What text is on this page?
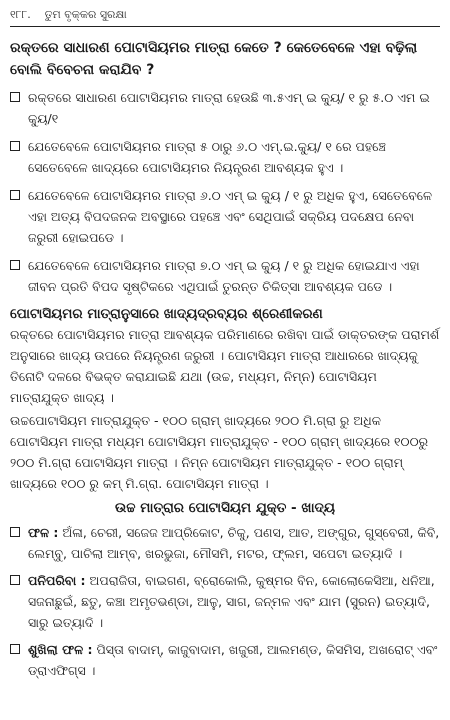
୧୮୮. ତୁମ ବୃକ୍କର ସୁରକ୍ଷା
ରକ୍ତରେ ସାଧାରଣ ପୋଟାସିୟମର ମାତ୍ରା କେତେ ? କେତେବେଳେ ଏହା ବଢ଼ିଲା ବୋଲି ବିବେଚନା କରାଯିବ ?
ରକ୍ତରେ ସାଧାରଣ ପୋଟାସିୟମର ମାତ୍ରା ହେଉଛି ୩.୫ଏମ୍ ଇ କ୍ୟୁ/ ୧ ରୁ ୫.୦ ଏମ ଇ କ୍ୟୁ/୧
ଯେତେବେଳେ ପୋଟାସିୟମର ମାତ୍ରା ୫ ଠାରୁ ୬.୦ ଏମ୍.ଇ.କ୍ୟୁ/ ୧ ରେ ପହଞ୍ଚେ ସେତେବେଳେ ଖାଦ୍ୟରେ ପୋଟାସିୟମର ନିୟନ୍ତ୍ରଣ ଆବଶ୍ୟକ ହୁଏ ।
ଯେତେବେଳେ ପୋଟାସିୟମର ମାତ୍ରା ୬.୦ ଏମ୍ ଇ କ୍ୟୁ / ୧ ରୁ ଅଧିକ ହୁଏ, ସେତେବେଳେ ଏହା ଅତ୍ୟ ବିପଦଜନକ ଅବସ୍ଥାରେ ପହଞ୍ଚେ ଏବଂ ସେଥିପାଇଁ ସକ୍ରିୟ ପଦକ୍ଷେପ ନେବା ଜରୁରୀ ହୋଇପଡେ ।
ଯେତେବେଳେ ପୋଟାସିୟମର ମାତ୍ରା ୭.୦ ଏମ୍ ଇ କ୍ୟୁ / ୧ ରୁ ଅଧିକ ହୋଇଯାଏ ଏହା ଜୀବନ ପ୍ରତି ବିପଦ ସୃଷ୍ଟିକରେ ଏଥିପାଇଁ ତୁରନ୍ତ ଚିକିତ୍ସା ଆବଶ୍ୟକ ପଡେ ।
ପୋଟାସିୟମର ମାତ୍ରାନୁସାରେ ଖାଦ୍ୟଦ୍ରବ୍ୟର ଶ୍ରେଣୀକରଣ
ରକ୍ତରେ ପୋଟାସିୟମର ମାତ୍ରା ଆବଶ୍ୟକ ପରିମାଣରେ ରଖିବା ପାଇଁ ଡାକ୍ତରଙ୍କ ପରାମର୍ଶ ଅନୁସାରେ ଖାଦ୍ୟ ଉପରେ ନିୟନ୍ତ୍ରଣ ଜରୁରୀ । ପୋଟାସିୟମ ମାତ୍ରା ଆଧାରରେ ଖାଦ୍ୟକୁ ତିନୋଟି ଦଳରେ ବିଭକ୍ତ କରାଯାଇଛି ଯଥା (ଉଚ୍ଚ, ମଧ୍ୟମ, ନିମ୍ନ) ପୋଟାସିୟମ ମାତ୍ରାଯୁକ୍ତ ଖାଦ୍ୟ ।
ଉଚ୍ଚପୋଟାସିୟମ ମାତ୍ରାଯୁକ୍ତ - ୧୦୦ ଗ୍ରାମ୍ ଖାଦ୍ୟରେ ୨୦୦ ମି.ଗ୍ରା ରୁ ଅଧିକ ପୋଟାସିୟମ ମାତ୍ରା ମଧ୍ୟମ ପୋଟାସିୟମ ମାତ୍ରାଯୁକ୍ତ - ୧୦୦ ଗ୍ରାମ୍ ଖାଦ୍ୟରେ ୧୦୦ରୁ ୨୦୦ ମି.ଗ୍ରା ପୋଟାସିୟମ ମାତ୍ରା । ନିମ୍ନ ପୋଟାସିୟମ ମାତ୍ରାଯୁକ୍ତ - ୧୦୦ ଗ୍ରାମ୍ ଖାଦ୍ୟରେ ୧୦୦ ରୁ କମ୍ ମି.ଗ୍ରା. ପୋଟାସିୟମ ମାତ୍ରା ।
ଉଚ୍ଚ ମାତ୍ରାର ପୋଟାସିୟମ ଯୁକ୍ତ - ଖାଦ୍ୟ
ଫଳ : ଅଁଳା, ଚେରୀ, ସଜେଜ ଆପ୍ରିକୋଟ, ଚିକୁ, ପଣସ, ଆତ, ଅଙ୍ଗୁର, ଗୁସ୍‌ବେରୀ, କିବି, ଲେମ୍ବୁ, ପାଚିଲା ଆମ୍ବ, ଖରଭୁଜା, ମୌସମି, ମଟର, ଫ୍ଲମ, ସପେଟା ଇତ୍ୟାଦି ।
ପନିପରିବା : ଅପରାଜିତା, ବାଇଗଣ, ବ୍ରୋକୋଲି, କୁଷ୍ମର ବିନ, କୋଲୋକେସିଆ, ଧନିଆ, ସଜନାଛୁଇଁ, ଛତୁ, କଞ୍ଚା ଅମୃତଭଣ୍ଡା, ଆଳୁ, ସାଗ, ଜନ୍ମଳ ଏବଂ ଯାମ (ସୁରନ) ଇତ୍ୟାଦି, ସାରୁ ଇତ୍ୟାଦି ।
ଶୁଖିଲା ଫଳ : ପିସ୍ତା ବାଦାମ୍, କାଜୁବାଦାମ, ଖଜୁରୀ, ଆଲମଣ୍ଡ, କିସମିସ, ଅଖରୋଟ୍ ଏବଂ ଡ୍ରାଏଫିଗ୍‌ସ ।
